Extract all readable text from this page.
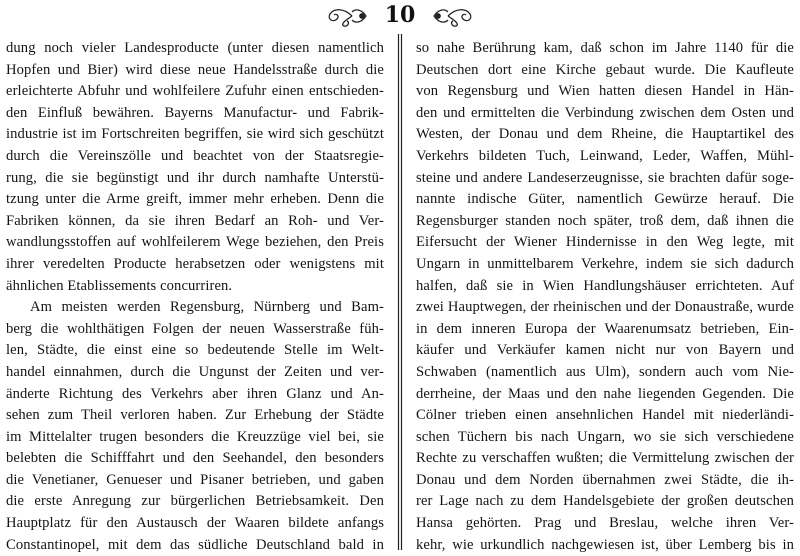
10
dung noch vieler Landesproducte (unter diesen namentlich
Hopfen und Bier) wird diese neue Handelsstraße durch die
erleichterte Abfuhr und wohlfeilere Zufuhr einen entschieden-
den Einfluß bewähren. Bayerns Manufactur- und Fabrik-
industrie ist im Fortschreiten begriffen, sie wird sich geschützt
durch die Vereinszölle und beachtet von der Staatsregie-
rung, die sie begünstigt und ihr durch namhafte Unterstü-
tzung unter die Arme greift, immer mehr erheben. Denn die
Fabriken können, da sie ihren Bedarf an Roh- und Ver-
wandlungsstoffen auf wohlfeilerem Wege beziehen, den Preis
ihrer veredelten Producte herabsetzen oder wenigstens mit
ähnlichen Etablissements concurriren.
Am meisten werden Regensburg, Nürnberg und Bam-
berg die wohlthätigen Folgen der neuen Wasserstraße füh-
len, Städte, die einst eine so bedeutende Stelle im Welt-
handel einnahmen, durch die Ungunst der Zeiten und ver-
änderte Richtung des Verkehrs aber ihren Glanz und An-
sehen zum Theil verloren haben. Zur Erhebung der Städte
im Mittelalter trugen besonders die Kreuzzüge viel bei, sie
belebten die Schifffahrt und den Seehandel, den besonders
die Venetianer, Genueser und Pisaner betrieben, und gaben
die erste Anregung zur bürgerlichen Betriebsamkeit. Den
Hauptplatz für den Austausch der Waaren bildete anfangs
Constantinopel, mit dem das südliche Deutschland bald in
so nahe Berührung kam, daß schon im Jahre 1140 für die
Deutschen dort eine Kirche gebaut wurde. Die Kaufleute
von Regensburg und Wien hatten diesen Handel in Hän-
den und ermittelten die Verbindung zwischen dem Osten und
Westen, der Donau und dem Rheine, die Hauptartikel des
Verkehrs bildeten Tuch, Leinwand, Leder, Waffen, Mühl-
steine und andere Landeserzeugnisse, sie brachten dafür soge-
nannte indische Güter, namentlich Gewürze herauf. Die
Regensburger standen noch später, troß dem, daß ihnen die
Eifersucht der Wiener Hindernisse in den Weg legte, mit
Ungarn in unmittelbarem Verkehre, indem sie sich dadurch
halfen, daß sie in Wien Handlungshäuser errichteten. Auf
zwei Hauptwegen, der rheinischen und der Donaustraße, wurde
in dem inneren Europa der Waarenumsatz betrieben, Ein-
käufer und Verkäufer kamen nicht nur von Bayern und
Schwaben (namentlich aus Ulm), sondern auch vom Nie-
derrheine, der Maas und den nahe liegenden Gegenden. Die
Cölner trieben einen ansehnlichen Handel mit niederländi-
schen Tüchern bis nach Ungarn, wo sie sich verschiedene
Rechte zu verschaffen wußten; die Vermittelung zwischen der
Donau und dem Norden übernahmen zwei Städte, die ih-
rer Lage nach zu dem Handelsgebiete der großen deutschen
Hansa gehörten. Prag und Breslau, welche ihren Ver-
kehr, wie urkundlich nachgewiesen ist, über Lemberg bis in
